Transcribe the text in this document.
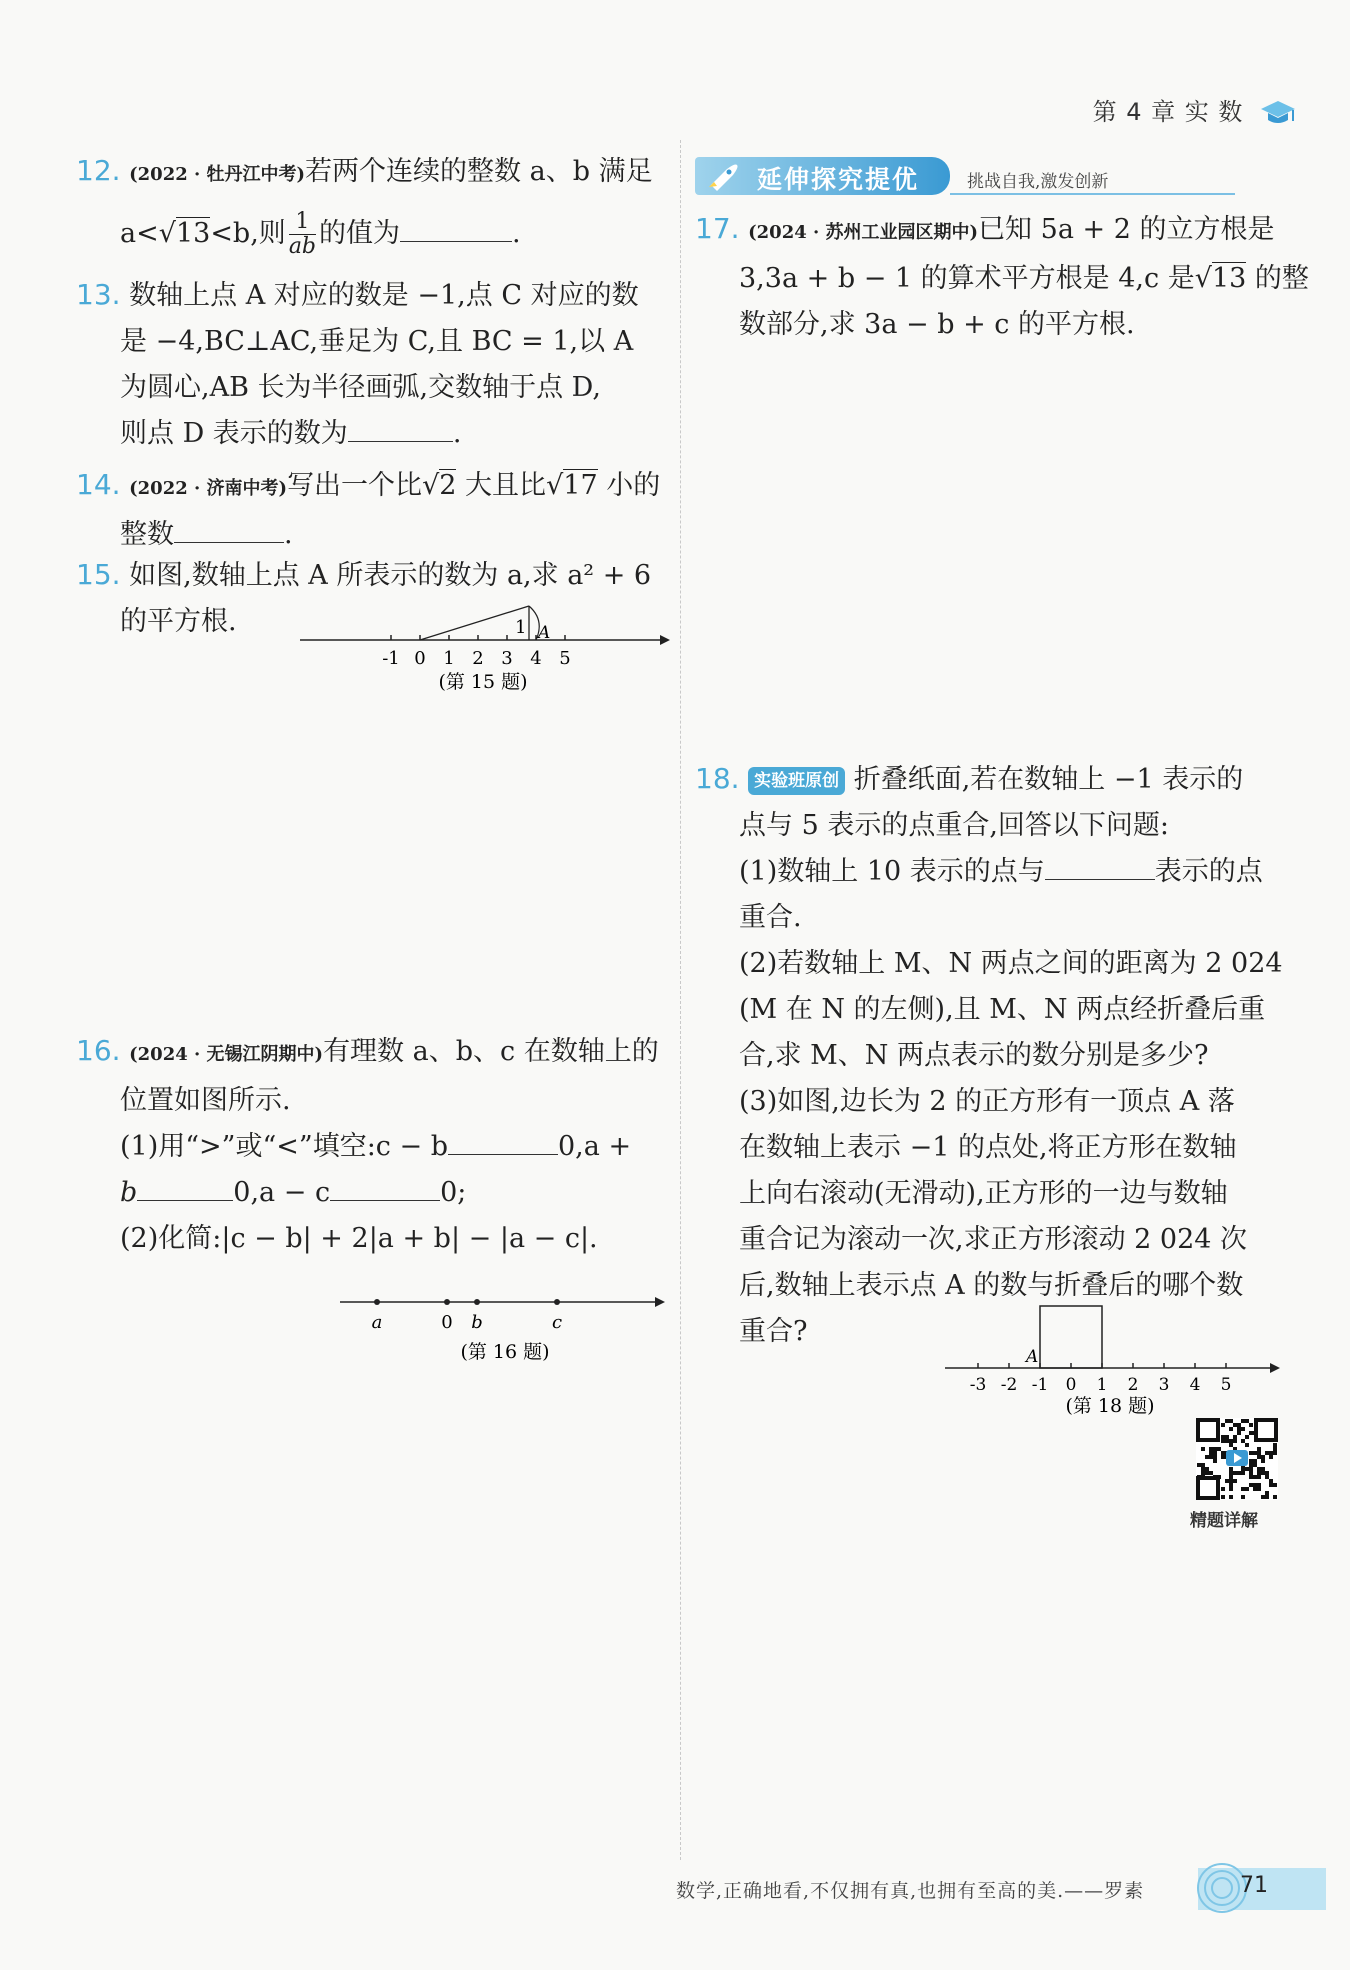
第 4 章 实 数
12. (2022 · 牡丹江中考)若两个连续的整数 a、b 满足
a<√13<b,则 $\frac{1}{ab}$ 的值为	.
13. 数轴上点 A 对应的数是 −1,点 C 对应的数
是 −4,BC⊥AC,垂足为 C,且 BC = 1,以 A
为圆心,AB 长为半径画弧,交数轴于点 D,
则点 D 表示的数为	.
14. (2022 · 济南中考)写出一个比√2 大且比√17 小的
整数	.
15. 如图,数轴上点 A 所表示的数为 a,求 a² + 6
的平方根.
-1 0 1 2 3 4 5
1 A
(第 15 题)
16. (2024 · 无锡江阴期中)有理数 a、b、c 在数轴上的
位置如图所示.
(1)用“>”或“<”填空:c − b	0,a +
b	0,a − c	0;
(2)化简:|c − b| + 2|a + b| − |a − c|.
a	0 b	c
(第 16 题)
延伸探究提优	挑战自我,激发创新
17. (2024 · 苏州工业园区期中)已知 5a + 2 的立方根是
3,3a + b − 1 的算术平方根是 4,c 是√13 的整
数部分,求 3a − b + c 的平方根.
18. 实验班原创 折叠纸面,若在数轴上 −1 表示的
点与 5 表示的点重合,回答以下问题:
(1)数轴上 10 表示的点与	表示的点
重合.
(2)若数轴上 M、N 两点之间的距离为 2 024
(M 在 N 的左侧),且 M、N 两点经折叠后重
合,求 M、N 两点表示的数分别是多少?
(3)如图,边长为 2 的正方形有一顶点 A 落
在数轴上表示 −1 的点处,将正方形在数轴
上向右滚动(无滑动),正方形的一边与数轴
重合记为滚动一次,求正方形滚动 2 024 次
后,数轴上表示点 A 的数与折叠后的哪个数
重合?
-3 -2 -1 0 1 2 3 4 5
A
(第 18 题)
精题详解
数学,正确地看,不仅拥有真,也拥有至高的美.——罗素	71
